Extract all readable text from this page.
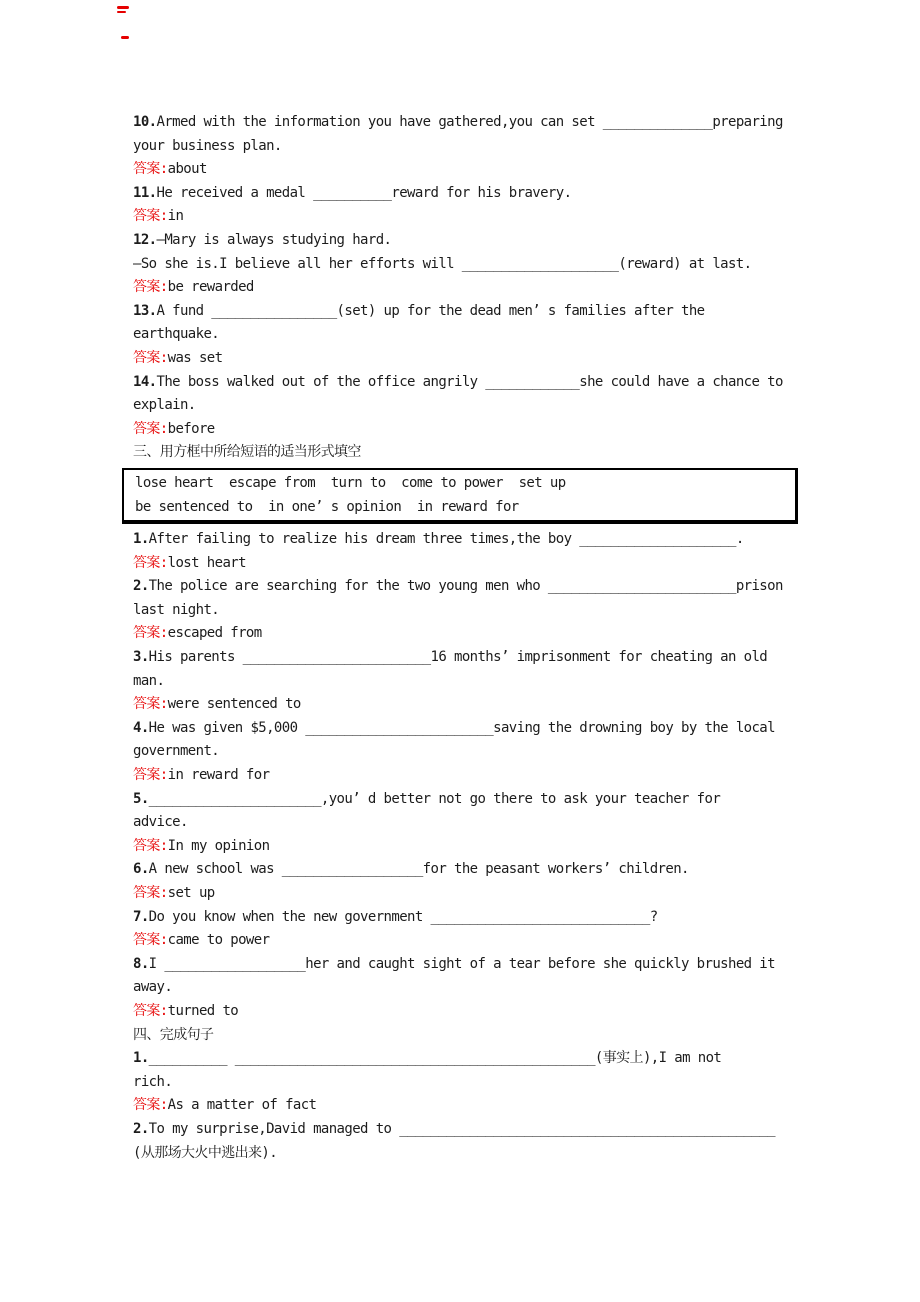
10.Armed with the information you have gathered,you can set ______________preparing
your business plan.
答案:about
11.He received a medal __________reward for his bravery.
答案:in
12.—Mary is always studying hard.
—So she is.I believe all her efforts will ____________________(reward) at last.
答案:be rewarded
13.A fund ________________(set) up for the dead men’ s families after the
earthquake.
答案:was set
14.The boss walked out of the office angrily ____________she could have a chance to
explain.
答案:before
三、用方框中所给短语的适当形式填空
lose heart  escape from  turn to  come to power  set up
be sentenced to  in one’ s opinion  in reward for
1.After failing to realize his dream three times,the boy ____________________.
答案:lost heart
2.The police are searching for the two young men who ________________________prison
last night.
答案:escaped from
3.His parents ________________________16 months’ imprisonment for cheating an old
man.
答案:were sentenced to
4.He was given $5,000 ________________________saving the drowning boy by the local
government.
答案:in reward for
5.______________________,you’ d better not go there to ask your teacher for
advice.
答案:In my opinion
6.A new school was __________________for the peasant workers’ children.
答案:set up
7.Do you know when the new government ____________________________?
答案:came to power
8.I __________________her and caught sight of a tear before she quickly brushed it
away.
答案:turned to
四、完成句子
1.__________ ______________________________________________(事实上),I am not
rich.
答案:As a matter of fact
2.To my surprise,David managed to ________________________________________________
(从那场大火中逃出来).
